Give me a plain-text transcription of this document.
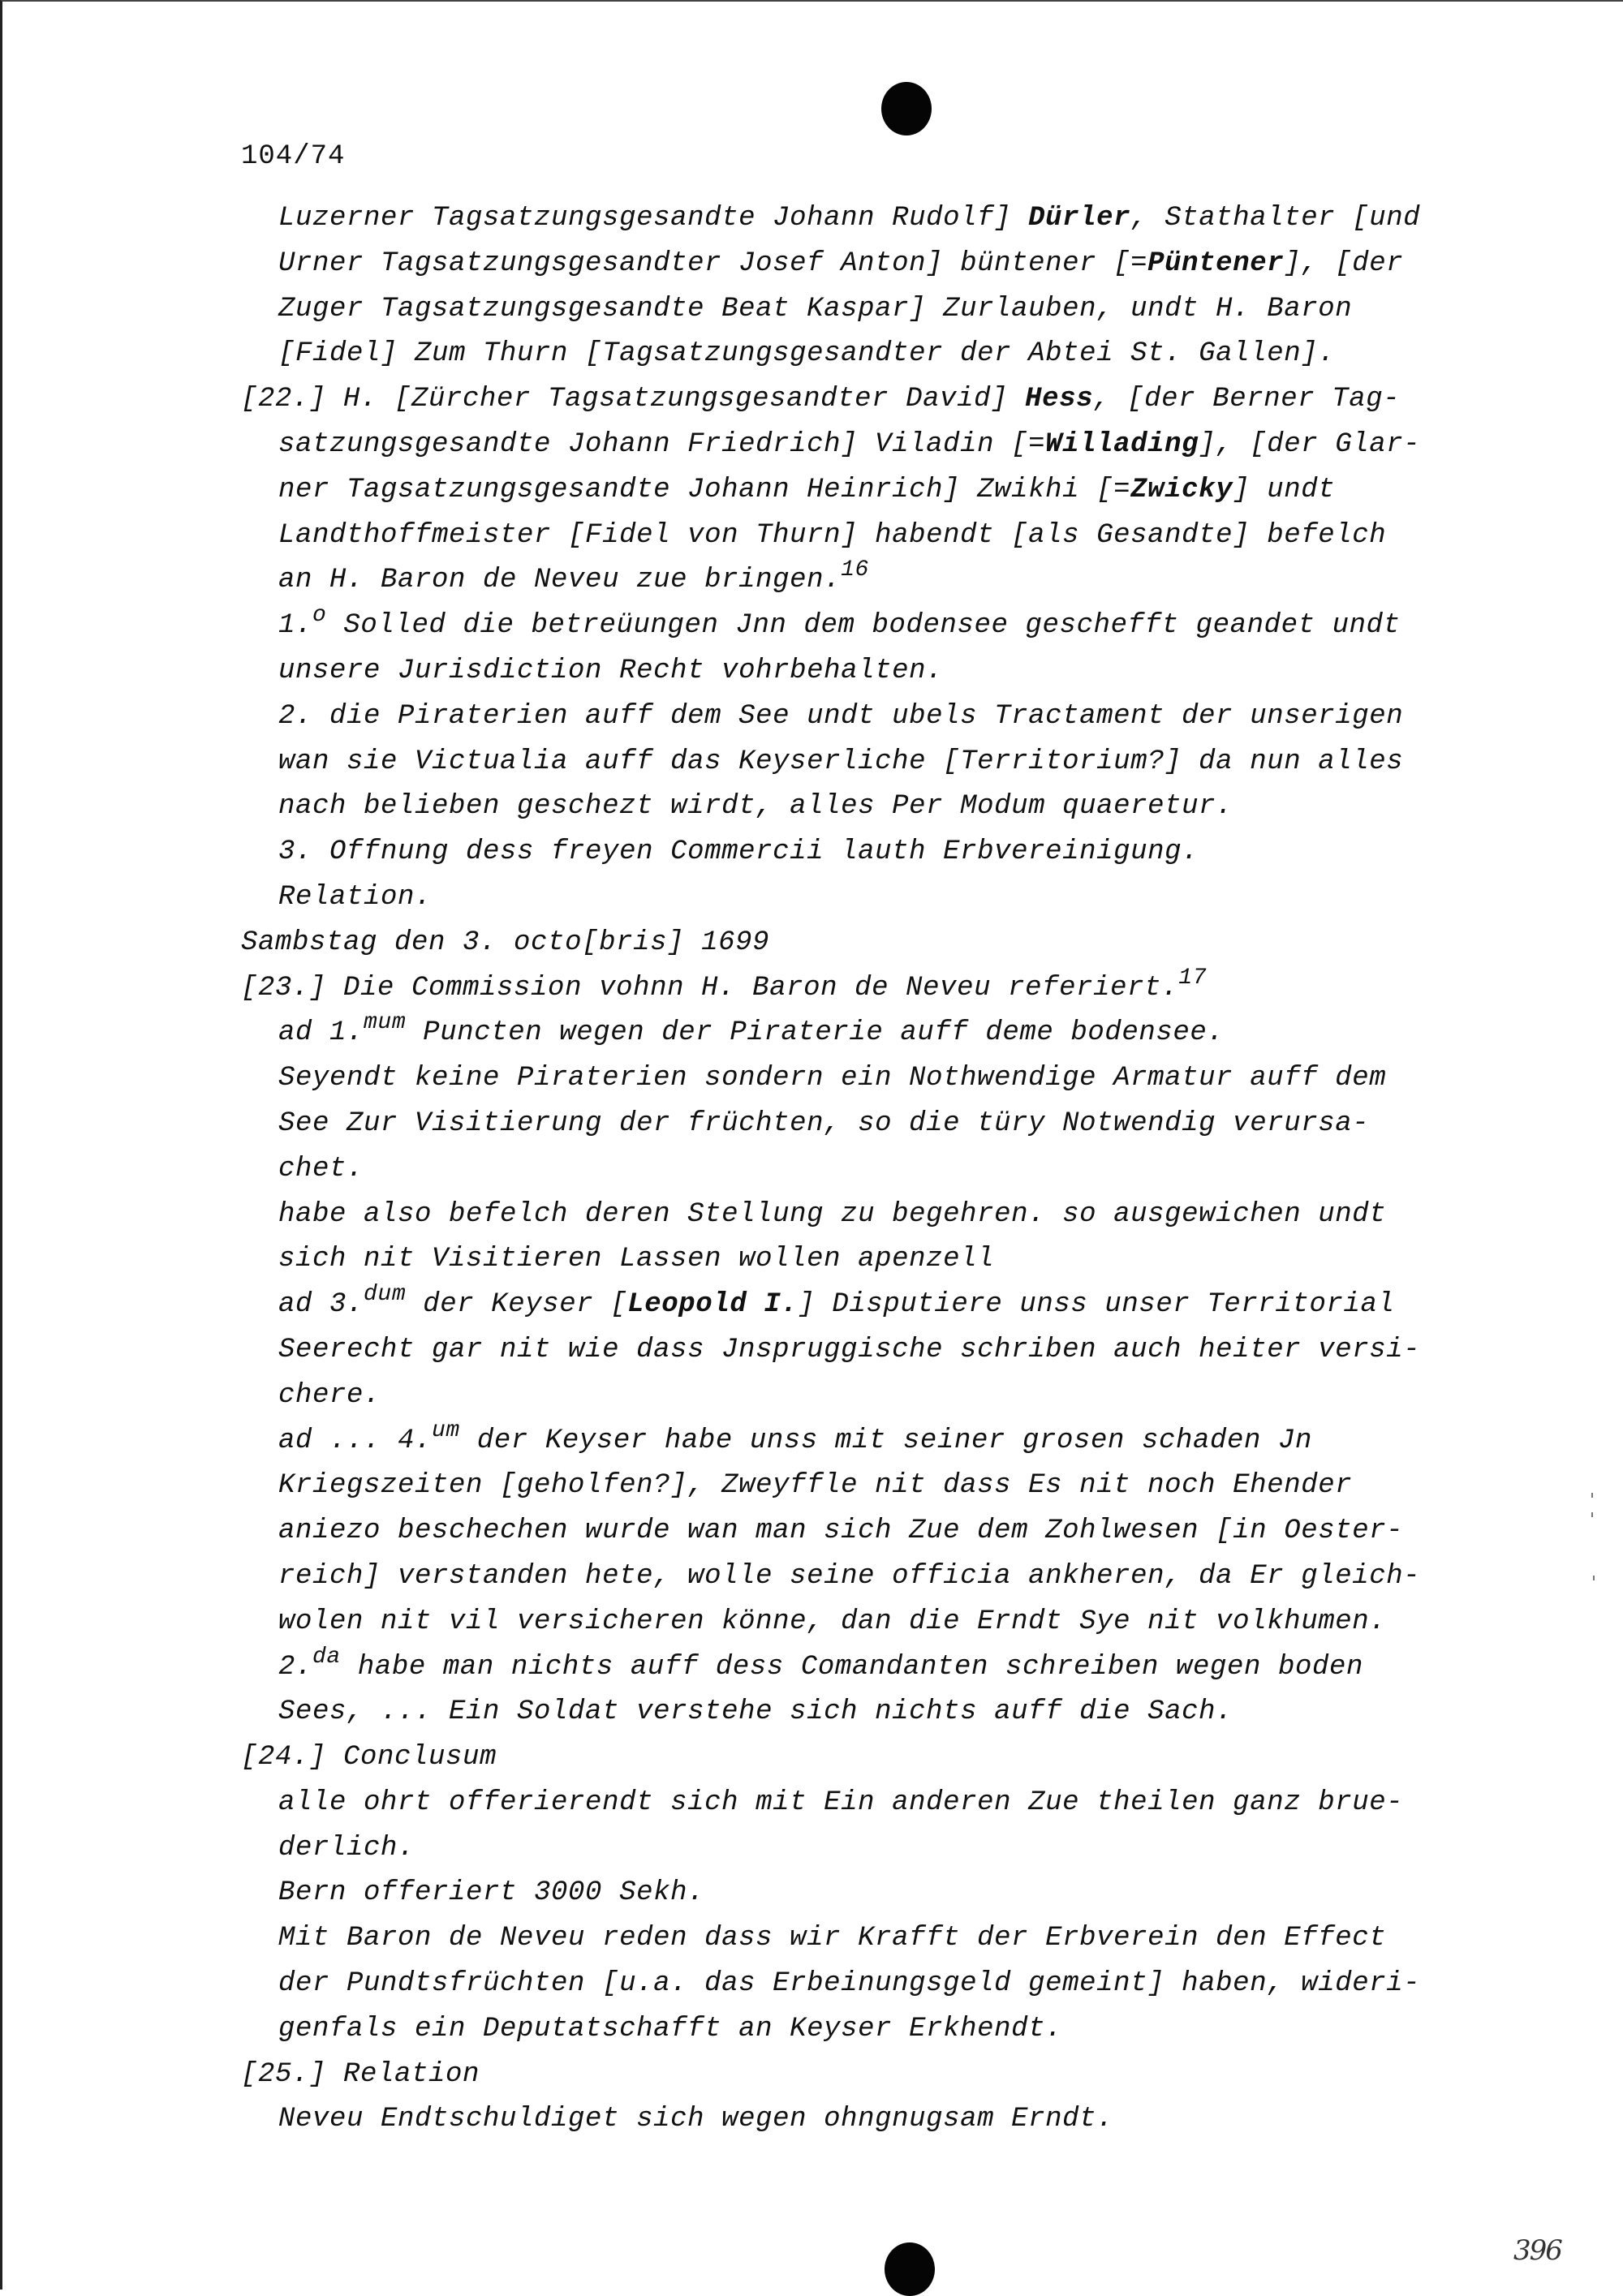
104/74
Luzerner Tagsatzungsgesandte Johann Rudolf] Dürler, Stathalter [und
Urner Tagsatzungsgesandter Josef Anton] büntener [=Püntener], [der
Zuger Tagsatzungsgesandte Beat Kaspar] Zurlauben, undt H. Baron
[Fidel] Zum Thurn [Tagsatzungsgesandter der Abtei St. Gallen].
[22.] H. [Zürcher Tagsatzungsgesandter David] Hess, [der Berner Tag-
satzungsgesandte Johann Friedrich] Viladin [=Willading], [der Glar-
ner Tagsatzungsgesandte Johann Heinrich] Zwikhi [=Zwicky] undt
Landthoffmeister [Fidel von Thurn] habendt [als Gesandte] befelch
an H. Baron de Neveu zue bringen.$^{16}$
1.$^o$ Solled die betreüungen Jnn dem bodensee geschefft geandet undt
unsere Jurisdiction Recht vohrbehalten.
2. die Piraterien auff dem See undt ubels Tractament der unserigen
wan sie Victualia auff das Keyserliche [Territorium?] da nun alles
nach belieben geschezt wirdt, alles Per Modum quaeretur.
3. Offnung dess freyen Commercii lauth Erbvereinigung.
Relation.
Sambstag den 3. octo[bris] 1699
[23.] Die Commission vohnn H. Baron de Neveu referiert.$^{17}$
ad 1.$^{mum}$ Puncten wegen der Piraterie auff deme bodensee.
Seyendt keine Piraterien sondern ein Nothwendige Armatur auff dem
See Zur Visitierung der früchten, so die türy Notwendig verursa-
chet.
habe also befelch deren Stellung zu begehren. so ausgewichen undt
sich nit Visitieren Lassen wollen apenzell
ad 3.$^{dum}$ der Keyser [Leopold I.] Disputiere unss unser Territorial
Seerecht gar nit wie dass Jnspruggische schriben auch heiter versi-
chere.
ad ... 4.$^{um}$ der Keyser habe unss mit seiner grosen schaden Jn
Kriegszeiten [geholfen?], Zweyffle nit dass Es nit noch Ehender
aniezo beschechen wurde wan man sich Zue dem Zohlwesen [in Oester-
reich] verstanden hete, wolle seine officia ankheren, da Er gleich-
wolen nit vil versicheren könne, dan die Erndt Sye nit volkhumen.
2.$^{da}$ habe man nichts auff dess Comandanten schreiben wegen boden
Sees, ... Ein Soldat verstehe sich nichts auff die Sach.
[24.] Conclusum
alle ohrt offerierendt sich mit Ein anderen Zue theilen ganz brue-
derlich.
Bern offeriert 3000 Sekh.
Mit Baron de Neveu reden dass wir Krafft der Erbverein den Effect
der Pundtsfrüchten [u.a. das Erbeinungsgeld gemeint] haben, wideri-
genfals ein Deputatschafft an Keyser Erkhendt.
[25.] Relation
Neveu Endtschuldiget sich wegen ohngnugsam Erndt.
396
